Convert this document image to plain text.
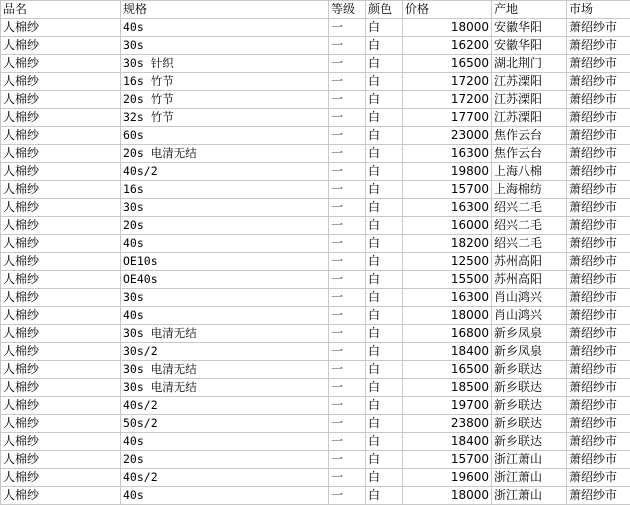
品名	规格	等级	颜色	价格	产地	市场
人棉纱	40s	一	白	18000	安徽华阳	萧绍纱市
人棉纱	30s	一	白	16200	安徽华阳	萧绍纱市
人棉纱	30s 针织	一	白	16500	湖北荆门	萧绍纱市
人棉纱	16s 竹节	一	白	17200	江苏溧阳	萧绍纱市
人棉纱	20s 竹节	一	白	17200	江苏溧阳	萧绍纱市
人棉纱	32s 竹节	一	白	17700	江苏溧阳	萧绍纱市
人棉纱	60s	一	白	23000	焦作云台	萧绍纱市
人棉纱	20s 电清无结	一	白	16300	焦作云台	萧绍纱市
人棉纱	40s/2	一	白	19800	上海八棉	萧绍纱市
人棉纱	16s	一	白	15700	上海棉纺	萧绍纱市
人棉纱	30s	一	白	16300	绍兴二毛	萧绍纱市
人棉纱	20s	一	白	16000	绍兴二毛	萧绍纱市
人棉纱	40s	一	白	18200	绍兴二毛	萧绍纱市
人棉纱	OE10s	一	白	12500	苏州高阳	萧绍纱市
人棉纱	OE40s	一	白	15500	苏州高阳	萧绍纱市
人棉纱	30s	一	白	16300	肖山鸿兴	萧绍纱市
人棉纱	40s	一	白	18000	肖山鸿兴	萧绍纱市
人棉纱	30s 电清无结	一	白	16800	新乡凤泉	萧绍纱市
人棉纱	30s/2	一	白	18400	新乡凤泉	萧绍纱市
人棉纱	30s 电清无结	一	白	16500	新乡联达	萧绍纱市
人棉纱	30s 电清无结	一	白	18500	新乡联达	萧绍纱市
人棉纱	40s/2	一	白	19700	新乡联达	萧绍纱市
人棉纱	50s/2	一	白	23800	新乡联达	萧绍纱市
人棉纱	40s	一	白	18400	新乡联达	萧绍纱市
人棉纱	20s	一	白	15700	浙江萧山	萧绍纱市
人棉纱	40s/2	一	白	19600	浙江萧山	萧绍纱市
人棉纱	40s	一	白	18000	浙江萧山	萧绍纱市
